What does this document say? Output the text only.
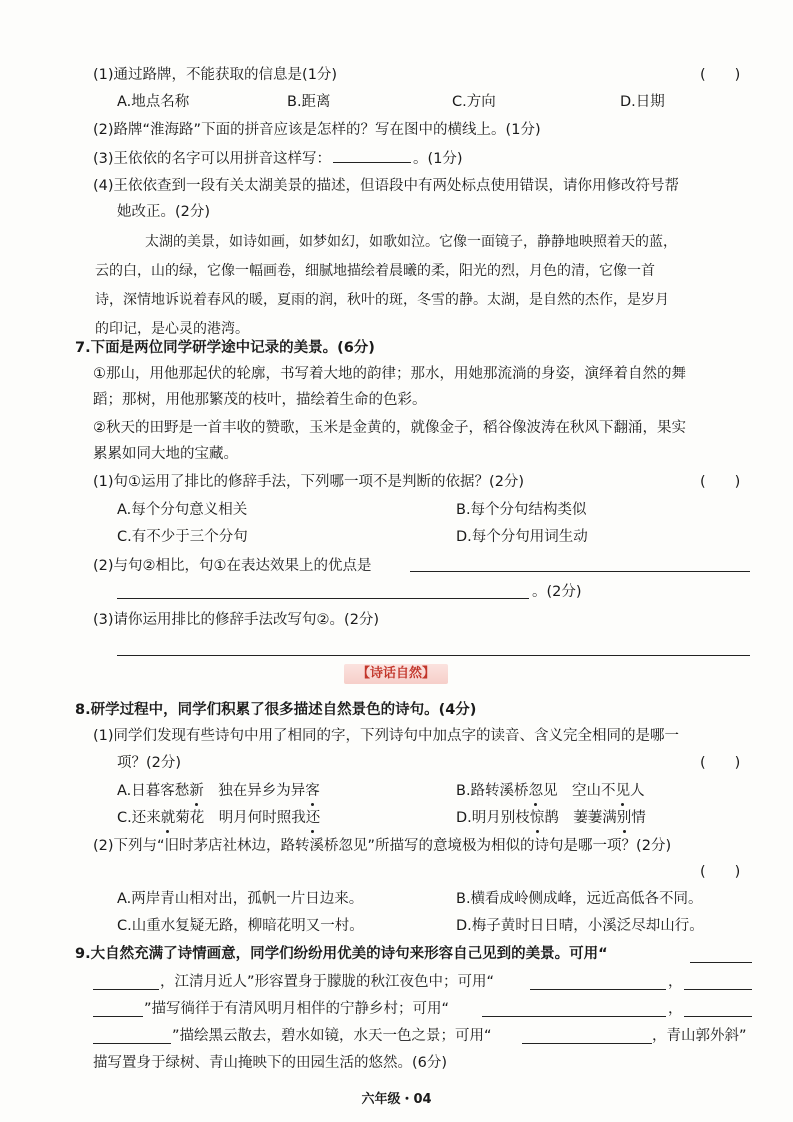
(1)通过路牌，不能获取的信息是(1分)	(　　)
A.地点名称	B.距离	C.方向	D.日期
(2)路牌“淮海路”下面的拼音应该是怎样的？写在图中的横线上。(1分)
(3)王依依的名字可以用拼音这样写：	。(1分)
(4)王依依查到一段有关太湖美景的描述，但语段中有两处标点使用错误，请你用修改符号帮
她改正。(2分)
太湖的美景，如诗如画，如梦如幻，如歌如泣。它像一面镜子，静静地映照着天的蓝，
云的白，山的绿，它像一幅画卷，细腻地描绘着晨曦的柔，阳光的烈，月色的清，它像一首
诗，深情地诉说着春风的暖，夏雨的润，秋叶的斑，冬雪的静。太湖，是自然的杰作，是岁月
的印记，是心灵的港湾。
7.下面是两位同学研学途中记录的美景。(6分)
①那山，用他那起伏的轮廓，书写着大地的韵律；那水，用她那流淌的身姿，演绎着自然的舞
蹈；那树，用他那繁茂的枝叶，描绘着生命的色彩。
②秋天的田野是一首丰收的赞歌，玉米是金黄的，就像金子，稻谷像波涛在秋风下翻涌，果实
累累如同大地的宝藏。
(1)句①运用了排比的修辞手法，下列哪一项不是判断的依据？(2分)	(　　)
A.每个分句意义相关	B.每个分句结构类似
C.有不少于三个分句	D.每个分句用词生动
(2)与句②相比，句①在表达效果上的优点是
。(2分)
(3)请你运用排比的修辞手法改写句②。(2分)
【诗话自然】
8.研学过程中，同学们积累了很多描述自然景色的诗句。(4分)
(1)同学们发现有些诗句中用了相同的字，下列诗句中加点字的读音、含义完全相同的是哪一
项？(2分)	(　　)
A.日暮客愁新　独在异乡为异客	B.路转溪桥忽见　空山不见人
C.还来就菊花　明月何时照我还	D.明月别枝惊鹊　萋萋满别情
(2)下列与“旧时茅店社林边，路转溪桥忽见”所描写的意境极为相似的诗句是哪一项？(2分)
(　　)
A.两岸青山相对出，孤帆一片日边来。	B.横看成岭侧成峰，远近高低各不同。
C.山重水复疑无路，柳暗花明又一村。	D.梅子黄时日日晴，小溪泛尽却山行。
9.大自然充满了诗情画意，同学们纷纷用优美的诗句来形容自己见到的美景。可用“
，江清月近人”形容置身于朦胧的秋江夜色中；可用“	，
”描写徜徉于有清风明月相伴的宁静乡村；可用“	，
”描绘黑云散去，碧水如镜，水天一色之景；可用“	，青山郭外斜”
描写置身于绿树、青山掩映下的田园生活的悠然。(6分)
六年级・04
